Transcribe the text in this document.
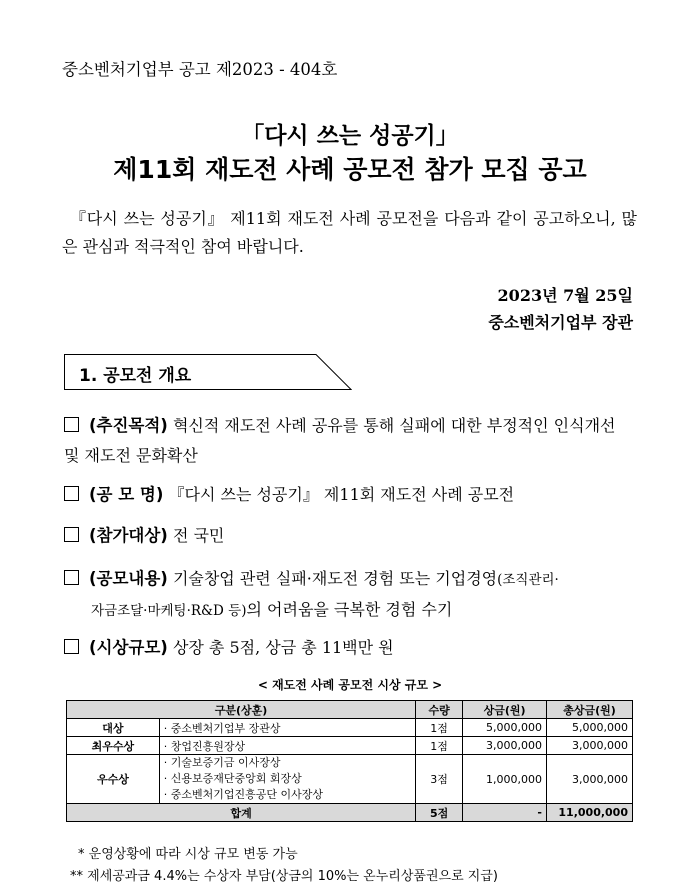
중소벤처기업부 공고 제2023 - 404호
「다시 쓰는 성공기」
제11회 재도전 사례 공모전 참가 모집 공고
『다시 쓰는 성공기』 제11회 재도전 사례 공모전을 다음과 같이 공고하오니, 많은 관심과 적극적인 참여 바랍니다.
2023년 7월 25일
중소벤처기업부 장관
1. 공모전 개요
(추진목적) 혁신적 재도전 사례 공유를 통해 실패에 대한 부정적인 인식개선 및 재도전 문화확산
(공 모 명) 『다시 쓰는 성공기』 제11회 재도전 사례 공모전
(참가대상) 전 국민
(공모내용) 기술창업 관련 실패·재도전 경험 또는 기업경영(조직관리·
자금조달·마케팅·R&D 등)의 어려움을 극복한 경험 수기
(시상규모) 상장 총 5점, 상금 총 11백만 원
< 재도전 사례 공모전 시상 규모 >
구분(상훈)		수량	상금(원)	총상금(원)
대상	· 중소벤처기업부 장관상	1점	5,000,000	5,000,000
최우수상	· 창업진흥원장상	1점	3,000,000	3,000,000
우수상	· 기술보증기금 이사장상
· 신용보증재단중앙회 회장상
· 중소벤처기업진흥공단 이사장상	3점	1,000,000	3,000,000
합계		5점	-	11,000,000
* 운영상황에 따라 시상 규모 변동 가능
** 제세공과금 4.4%는 수상자 부담(상금의 10%는 온누리상품권으로 지급)
